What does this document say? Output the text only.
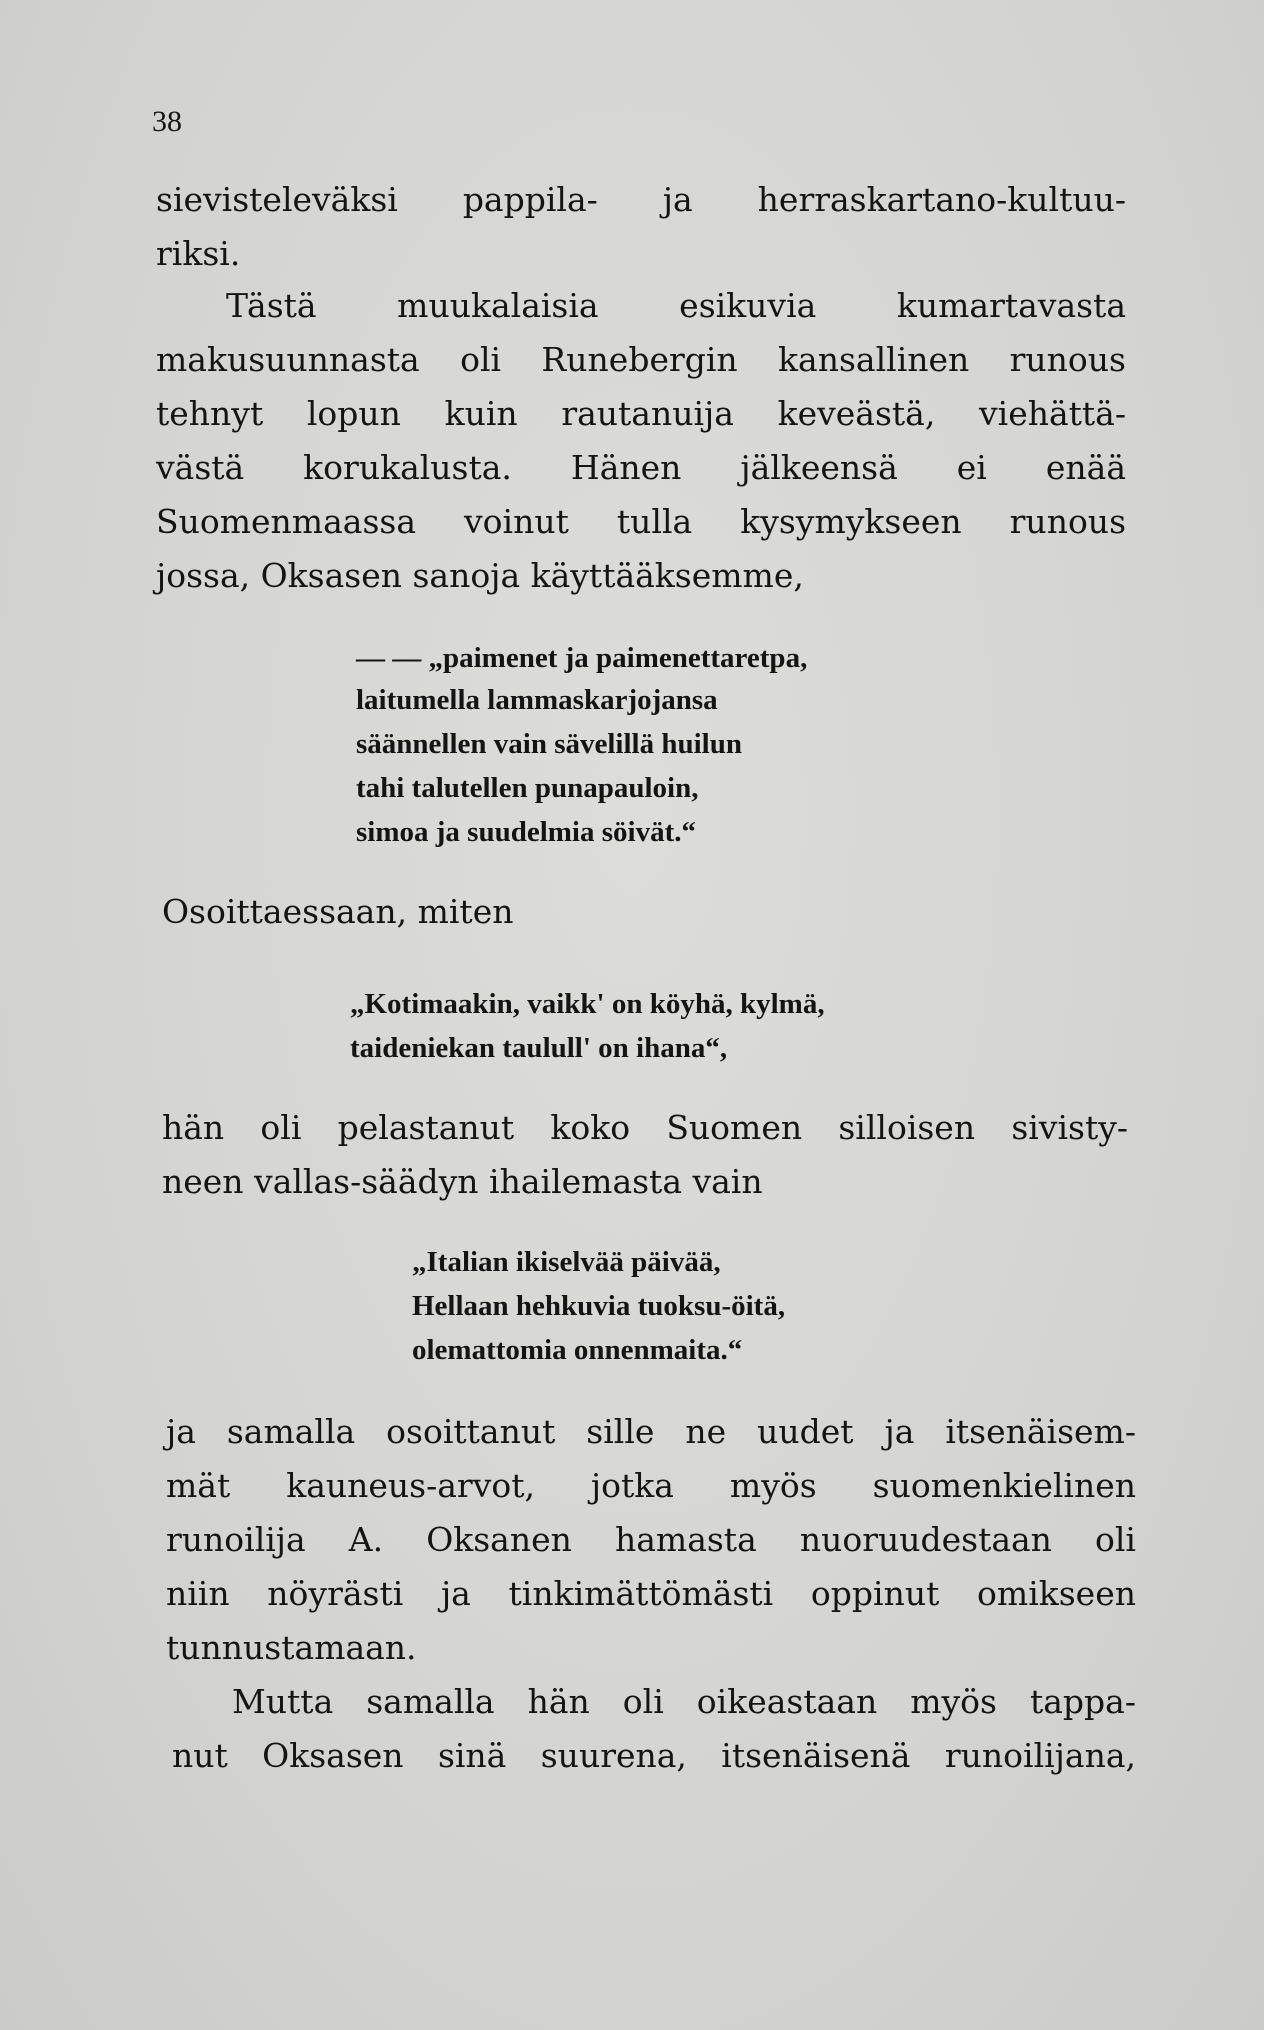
38
sievisteleväksi pappila- ja herraskartano-kultuu-
riksi.
Tästä muukalaisia esikuvia kumartavasta
makusuunnasta oli Runebergin kansallinen runous
tehnyt lopun kuin rautanuija keveästä, viehättä-
västä korukalusta. Hänen jälkeensä ei enää
Suomenmaassa voinut tulla kysymykseen runous
jossa, Oksasen sanoja käyttääksemme,
— — „paimenet ja paimenettaretpa,
laitumella lammaskarjojansa
säännellen vain sävelillä huilun
tahi talutellen punapauloin,
simoa ja suudelmia söivät.“
Osoittaessaan, miten
„Kotimaakin, vaikk' on köyhä, kylmä,
taideniekan taulull' on ihana“,
hän oli pelastanut koko Suomen silloisen sivisty-
neen vallas-säädyn ihailemasta vain
„Italian ikiselvää päivää,
Hellaan hehkuvia tuoksu-öitä,
olemattomia onnenmaita.“
ja samalla osoittanut sille ne uudet ja itsenäisem-
mät kauneus-arvot, jotka myös suomenkielinen
runoilija A. Oksanen hamasta nuoruudestaan oli
niin nöyrästi ja tinkimättömästi oppinut omikseen
tunnustamaan.
Mutta samalla hän oli oikeastaan myös tappa-
nut Oksasen sinä suurena, itsenäisenä runoilijana,
